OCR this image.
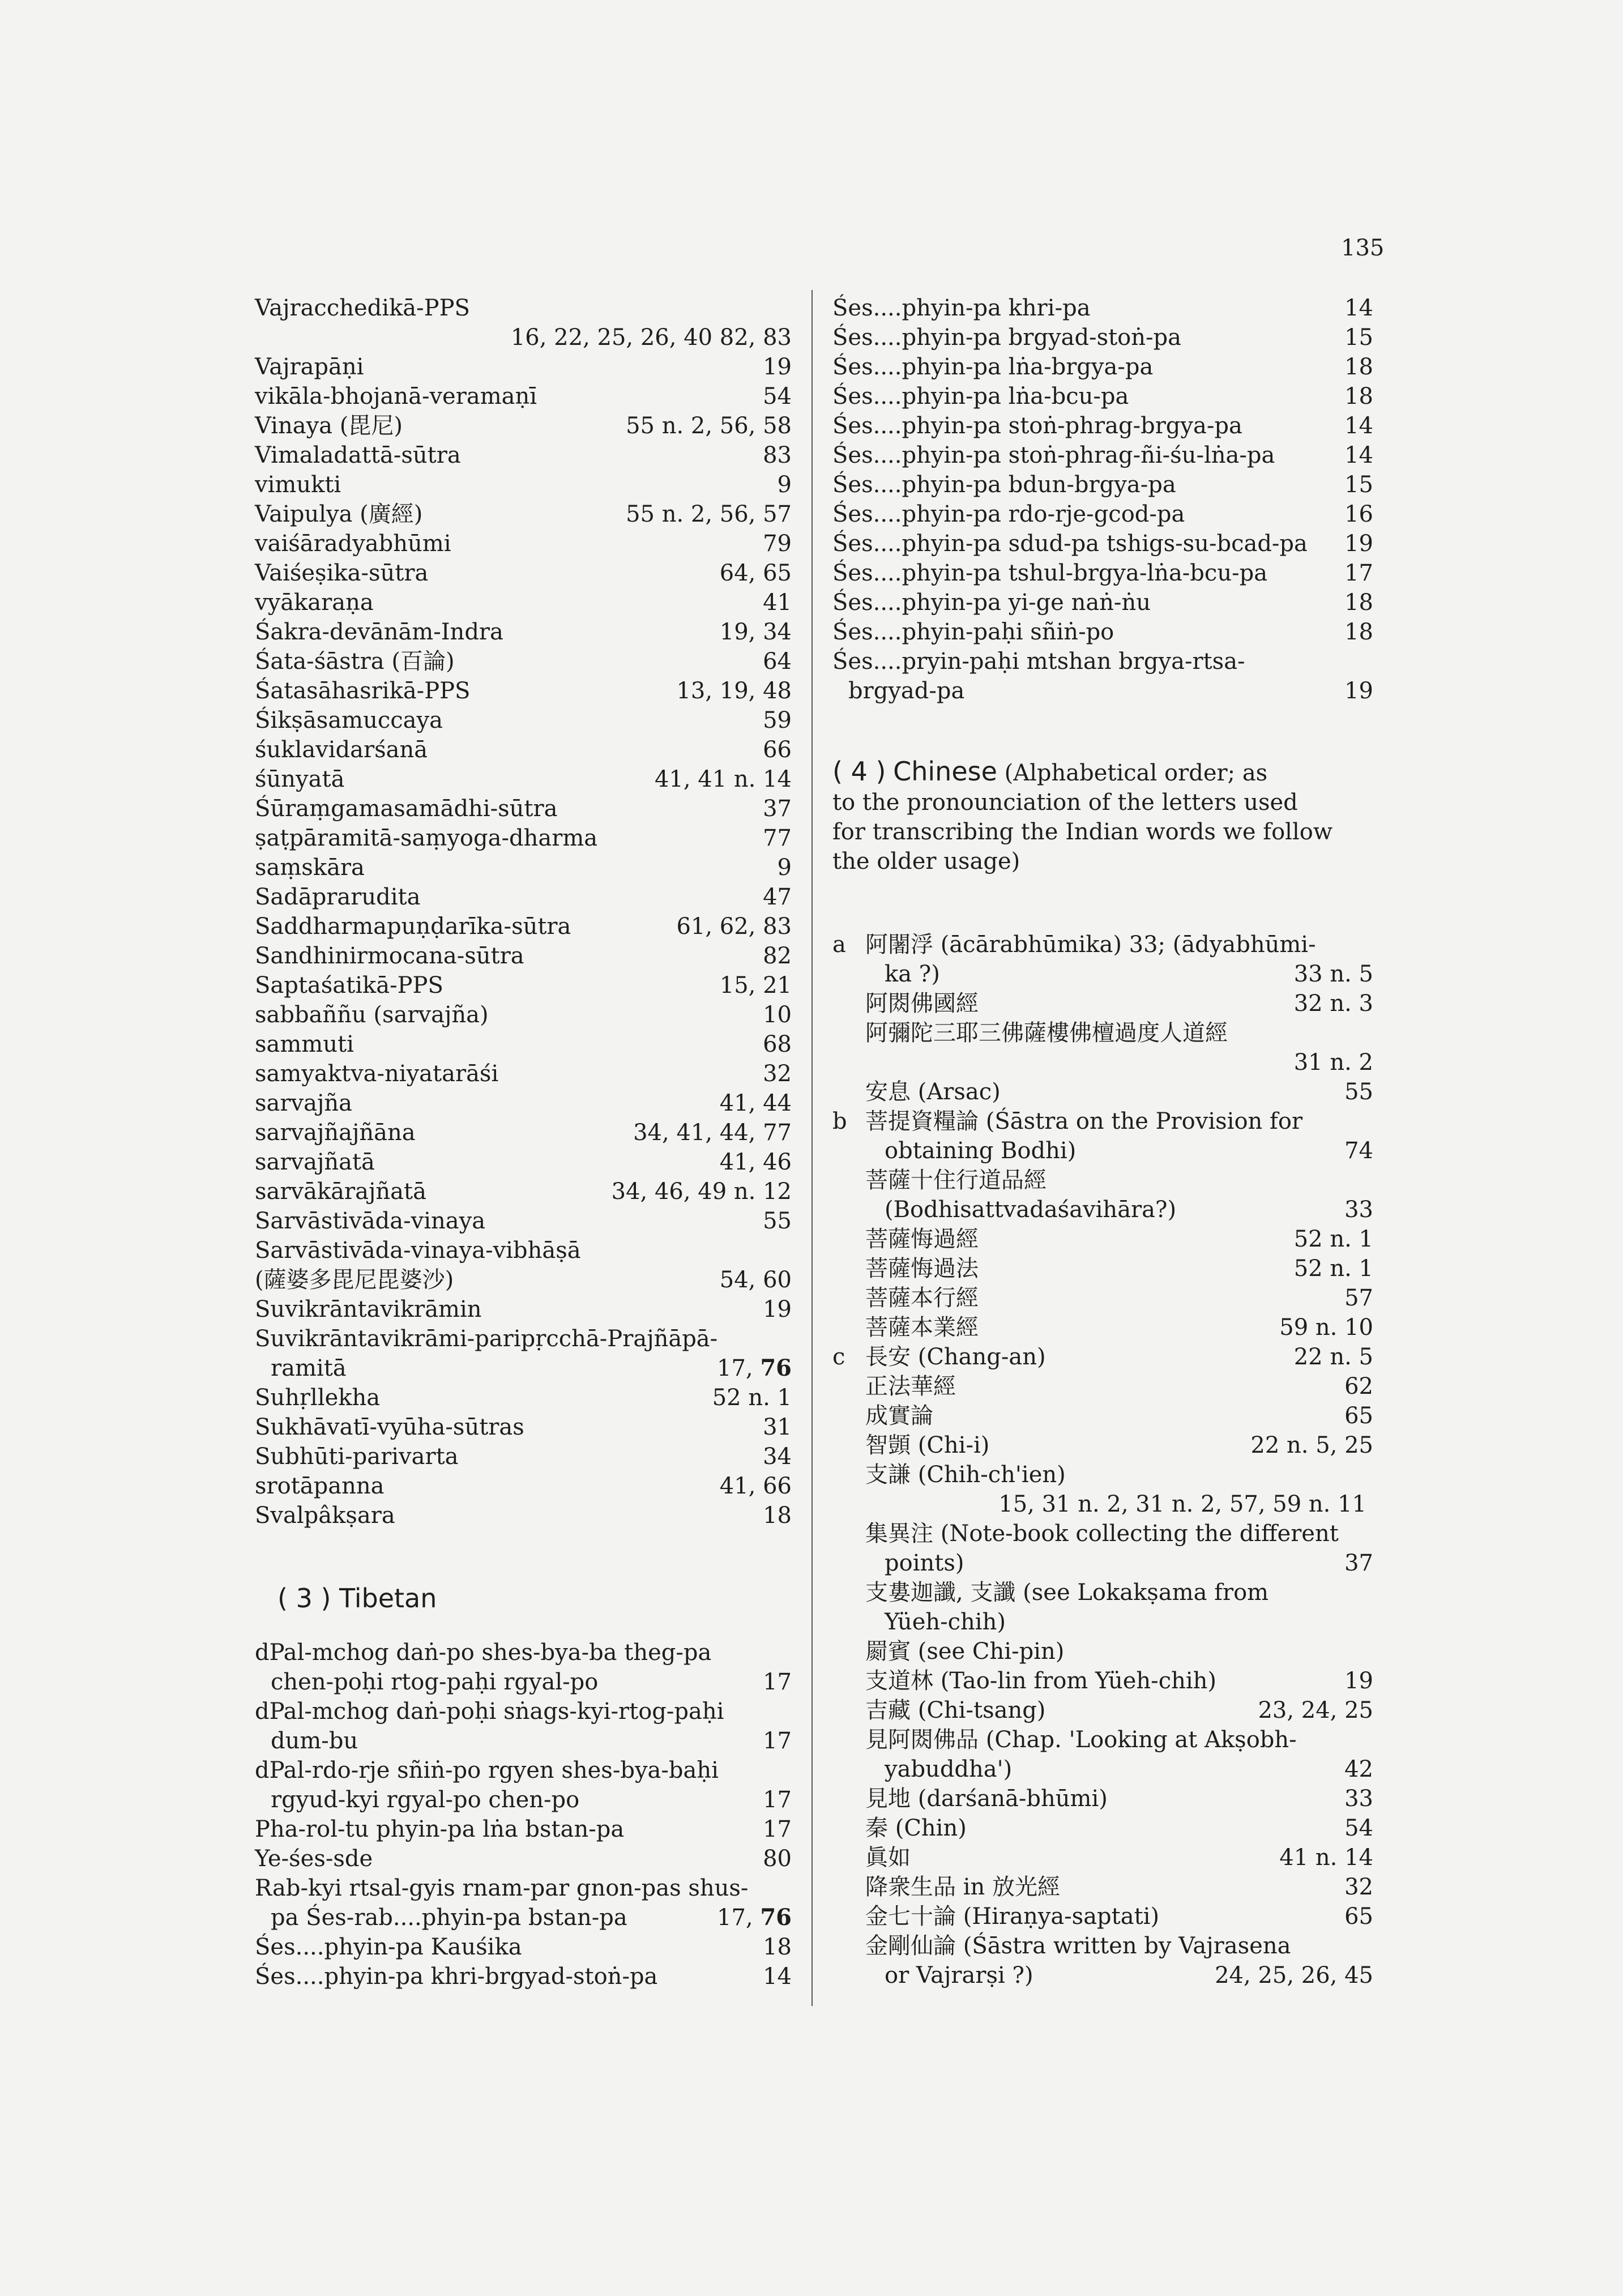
135
Vajracchedikā-PPS
16, 22, 25, 26, 40 82, 83
Vajrapāṇi	19
vikāla-bhojanā-veramaṇī	54
Vinaya (毘尼)	55 n. 2, 56, 58
Vimaladattā-sūtra	83
vimukti	9
Vaipulya (廣經)	55 n. 2, 56, 57
vaiśāradyabhūmi	79
Vaiśeṣika-sūtra	64, 65
vyākaraṇa	41
Śakra-devānām-Indra	19, 34
Śata-śāstra (百論)	64
Śatasāhasrikā-PPS	13, 19, 48
Śikṣāsamuccaya	59
śuklavidarśanā	66
śūnyatā	41, 41 n. 14
Śūraṃgamasamādhi-sūtra	37
ṣaṭpāramitā-saṃyoga-dharma	77
saṃskāra	9
Sadāprarudita	47
Saddharmapuṇḍarīka-sūtra	61, 62, 83
Sandhinirmocana-sūtra	82
Saptaśatikā-PPS	15, 21
sabbaññu (sarvajña)	10
sammuti	68
samyaktva-niyatarāśi	32
sarvajña	41, 44
sarvajñajñāna	34, 41, 44, 77
sarvajñatā	41, 46
sarvākārajñatā	34, 46, 49 n. 12
Sarvāstivāda-vinaya	55
Sarvāstivāda-vinaya-vibhāṣā
(薩婆多毘尼毘婆沙)	54, 60
Suvikrāntavikrāmin	19
Suvikrāntavikrāmi-paripṛcchā-Prajñāpā-
ramitā	17, 76
Suhṛllekha	52 n. 1
Sukhāvatī-vyūha-sūtras	31
Subhūti-parivarta	34
srotāpanna	41, 66
Svalpâkṣara	18
( 3 ) Tibetan
dPal-mchog daṅ-po shes-bya-ba theg-pa
chen-poḥi rtog-paḥi rgyal-po	17
dPal-mchog daṅ-poḥi sṅags-kyi-rtog-paḥi
dum-bu	17
dPal-rdo-rje sñiṅ-po rgyen shes-bya-baḥi
rgyud-kyi rgyal-po chen-po	17
Pha-rol-tu phyin-pa lṅa bstan-pa	17
Ye-śes-sde	80
Rab-kyi rtsal-gyis rnam-par gnon-pas shus-
pa Śes-rab....phyin-pa bstan-pa	17, 76
Śes....phyin-pa Kauśika	18
Śes....phyin-pa khri-brgyad-stoṅ-pa	14
Śes....phyin-pa khri-pa	14
Śes....phyin-pa brgyad-stoṅ-pa	15
Śes....phyin-pa lṅa-brgya-pa	18
Śes....phyin-pa lṅa-bcu-pa	18
Śes....phyin-pa stoṅ-phrag-brgya-pa	14
Śes....phyin-pa stoṅ-phrag-ñi-śu-lṅa-pa	14
Śes....phyin-pa bdun-brgya-pa	15
Śes....phyin-pa rdo-rje-gcod-pa	16
Śes....phyin-pa sdud-pa tshigs-su-bcad-pa	19
Śes....phyin-pa tshul-brgya-lṅa-bcu-pa	17
Śes....phyin-pa yi-ge naṅ-ṅu	18
Śes....phyin-paḥi sñiṅ-po	18
Śes....pryin-paḥi mtshan brgya-rtsa-
brgyad-pa	19
( 4 ) Chinese (Alphabetical order; as
to the pronounciation of the letters used
for transcribing the Indian words we follow
the older usage)
a 阿闍浮 (ācārabhūmika) 33; (ādyabhūmi-
ka ?)	33 n. 5
阿閦佛國經	32 n. 3
阿彌陀三耶三佛薩樓佛檀過度人道經
31 n. 2
安息 (Arsac)	55
b 菩提資糧論 (Śāstra on the Provision for
obtaining Bodhi)	74
菩薩十住行道品經
(Bodhisattvadaśavihāra?)	33
菩薩悔過經	52 n. 1
菩薩悔過法	52 n. 1
菩薩本行經	57
菩薩本業經	59 n. 10
c 長安 (Chang-an)	22 n. 5
正法華經	62
成實論	65
智顗 (Chi-i)	22 n. 5, 25
支謙 (Chih-ch'ien)
15, 31 n. 2, 31 n. 2, 57, 59 n. 11
集異注 (Note-book collecting the different
points)	37
支婁迦讖, 支讖 (see Lokakṣama from
Yüeh-chih)
罽賓 (see Chi-pin)
支道林 (Tao-lin from Yüeh-chih)	19
吉藏 (Chi-tsang)	23, 24, 25
見阿閦佛品 (Chap. 'Looking at Akṣobh-
yabuddha')	42
見地 (darśanā-bhūmi)	33
秦 (Chin)	54
眞如	41 n. 14
降衆生品 in 放光經	32
金七十論 (Hiraṇya-saptati)	65
金剛仙論 (Śāstra written by Vajrasena
or Vajrarṣi ?)	24, 25, 26, 45
